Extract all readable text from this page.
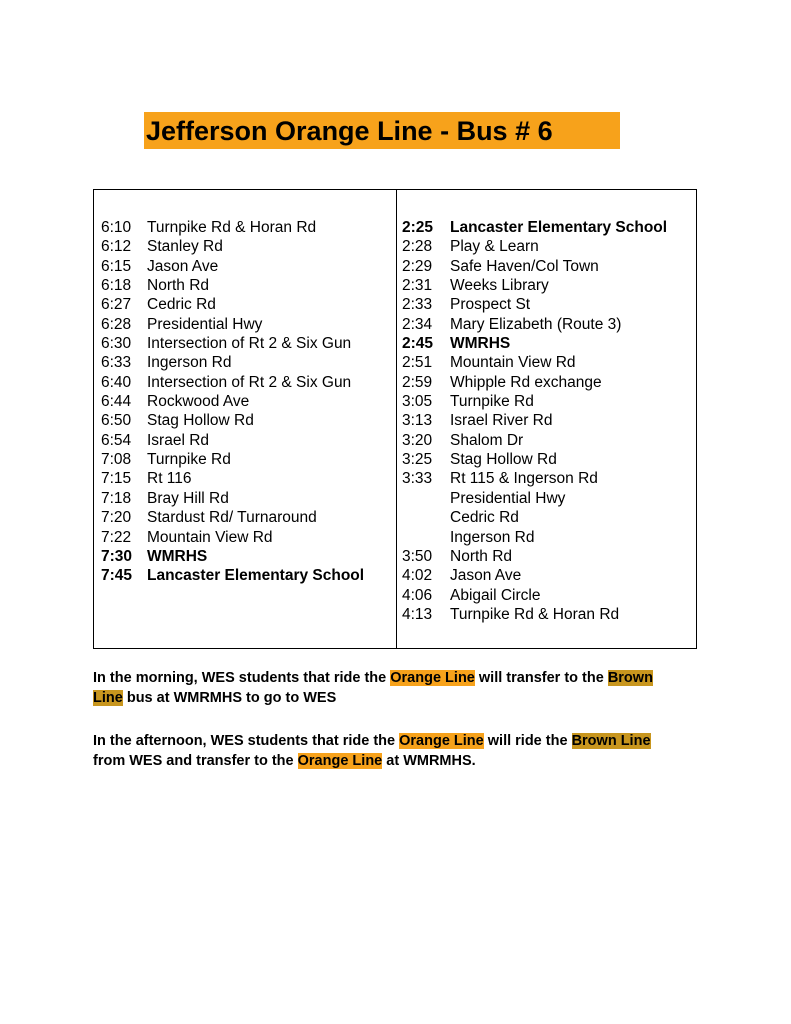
Jefferson Orange Line - Bus # 6
6:10 Turnpike Rd & Horan Rd
6:12 Stanley Rd
6:15 Jason Ave
6:18 North Rd
6:27 Cedric Rd
6:28 Presidential Hwy
6:30 Intersection of Rt 2 & Six Gun
6:33 Ingerson Rd
6:40 Intersection of Rt 2 & Six Gun
6:44 Rockwood Ave
6:50 Stag Hollow Rd
6:54 Israel Rd
7:08 Turnpike Rd
7:15 Rt 116
7:18 Bray Hill Rd
7:20 Stardust Rd/ Turnaround
7:22 Mountain View Rd
7:30 WMRHS
7:45 Lancaster Elementary School
2:25 Lancaster Elementary School
2:28 Play & Learn
2:29 Safe Haven/Col Town
2:31 Weeks Library
2:33 Prospect St
2:34 Mary Elizabeth (Route 3)
2:45 WMRHS
2:51 Mountain View Rd
2:59 Whipple Rd exchange
3:05 Turnpike Rd
3:13 Israel River Rd
3:20 Shalom Dr
3:25 Stag Hollow Rd
3:33 Rt 115 & Ingerson Rd
Presidential Hwy
Cedric Rd
Ingerson Rd
3:50 North Rd
4:02 Jason Ave
4:06 Abigail Circle
4:13 Turnpike Rd & Horan Rd
In the morning, WES students that ride the Orange Line will transfer to the Brown
Line bus at WMRMHS to go to WES
In the afternoon, WES students that ride the Orange Line will ride the Brown Line
from WES and transfer to the Orange Line at WMRMHS.
